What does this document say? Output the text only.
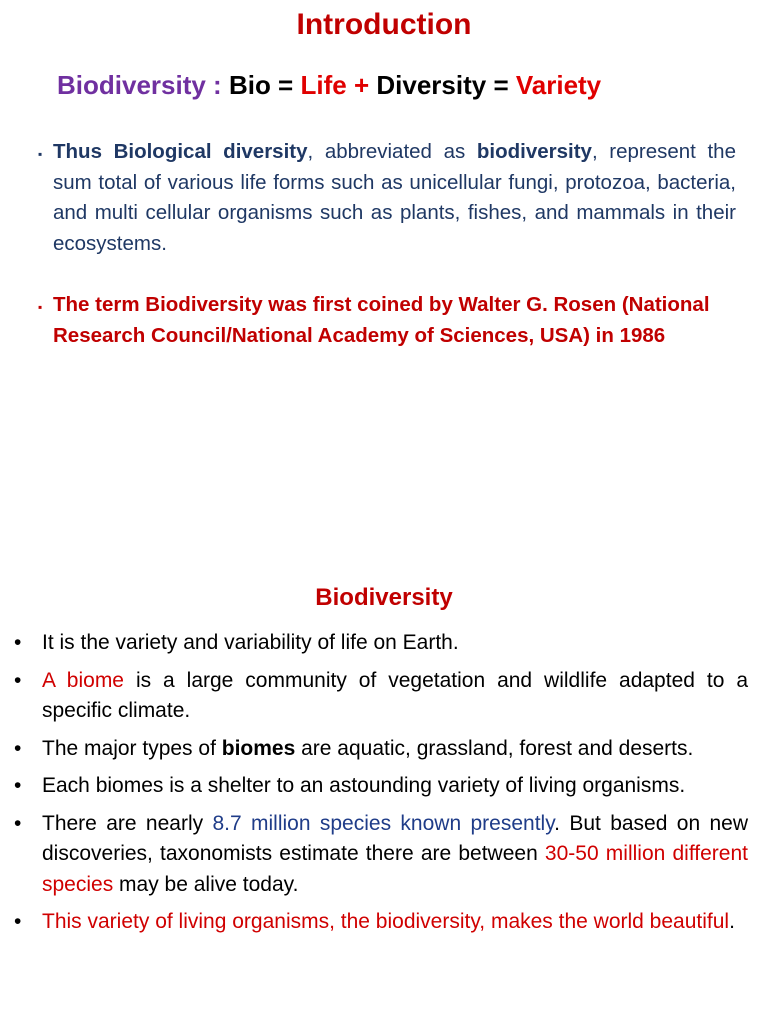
Introduction
Biodiversity : Bio = Life + Diversity = Variety
▪ Thus Biological diversity, abbreviated as biodiversity, represent the sum total of various life forms such as unicellular fungi, protozoa, bacteria, and multi cellular organisms such as plants, fishes, and mammals in their ecosystems.
▪ The term Biodiversity was first coined by Walter G. Rosen (National Research Council/National Academy of Sciences, USA) in 1986
Biodiversity
• It is the variety and variability of life on Earth.
• A biome is a large community of vegetation and wildlife adapted to a specific climate.
• The major types of biomes are aquatic, grassland, forest and deserts.
• Each biomes is a shelter to an astounding variety of living organisms.
• There are nearly 8.7 million species known presently. But based on new discoveries, taxonomists estimate there are between 30-50 million different species may be alive today.
• This variety of living organisms, the biodiversity, makes the world beautiful.
